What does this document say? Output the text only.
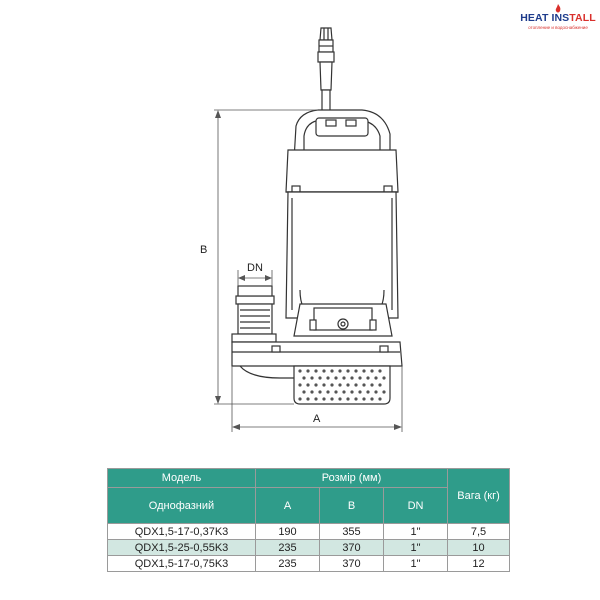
HEAT INSTALL
отопление и водоснабжение
B
DN
A
Модель	Розмір (мм)			Вага (кг)
Однофазний	A	B	DN	
QDX1,5-17-0,37K3	190	355	1"	7,5
QDX1,5-25-0,55K3	235	370	1"	10
QDX1,5-17-0,75K3	235	370	1"	12
